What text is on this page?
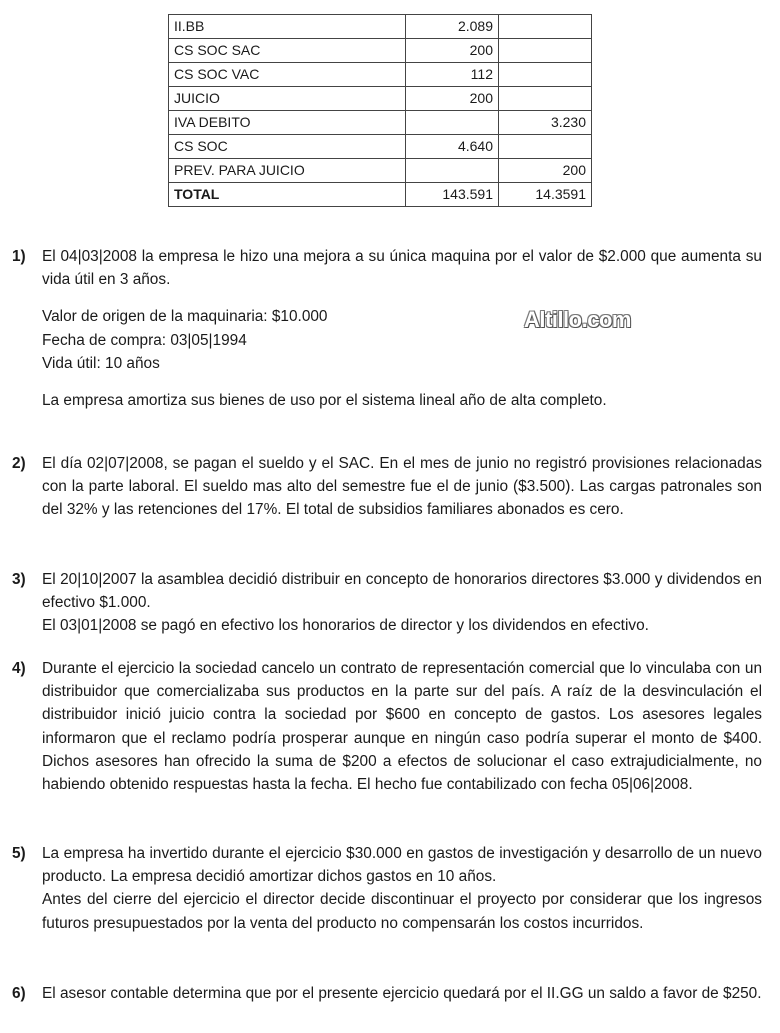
II.BB	2.089	
CS SOC SAC	200	
CS SOC VAC	112	
JUICIO	200	
IVA DEBITO		3.230
CS SOC	4.640	
PREV. PARA JUICIO		200
TOTAL	143.591	14.3591
Altillo.com
1) El 04|03|2008 la empresa le hizo una mejora a su única maquina por el valor de $2.000 que aumenta su vida útil en 3 años.

Valor de origen de la maquinaria: $10.000

Fecha de compra: 03|05|1994

Vida útil: 10 años

La empresa amortiza sus bienes de uso por el sistema lineal año de alta completo.

2) El día 02|07|2008, se pagan el sueldo y el SAC. En el mes de junio no registró provisiones relacionadas con la parte laboral. El sueldo mas alto del semestre fue el de junio ($3.500). Las cargas patronales son del 32% y las retenciones del 17%. El total de subsidios familiares abonados es cero.

3) El 20|10|2007 la asamblea decidió distribuir en concepto de honorarios directores $3.000 y dividendos en efectivo $1.000.

El 03|01|2008 se pagó en efectivo los honorarios de director y los dividendos en efectivo.

4) Durante el ejercicio la sociedad cancelo un contrato de representación comercial que lo vinculaba con un distribuidor que comercializaba sus productos en la parte sur del país. A raíz de la desvinculación el distribuidor inició juicio contra la sociedad por $600 en concepto de gastos. Los asesores legales informaron que el reclamo podría prosperar aunque en ningún caso podría superar el monto de $400. Dichos asesores han ofrecido la suma de $200 a efectos de solucionar el caso extrajudicialmente, no habiendo obtenido respuestas hasta la fecha. El hecho fue contabilizado con fecha 05|06|2008.

5) La empresa ha invertido durante el ejercicio $30.000 en gastos de investigación y desarrollo de un nuevo producto. La empresa decidió amortizar dichos gastos en 10 años.

Antes del cierre del ejercicio el director decide discontinuar el proyecto por considerar que los ingresos futuros presupuestados por la venta del producto no compensarán los costos incurridos.

6) El asesor contable determina que por el presente ejercicio quedará por el II.GG un saldo a favor de $250.
